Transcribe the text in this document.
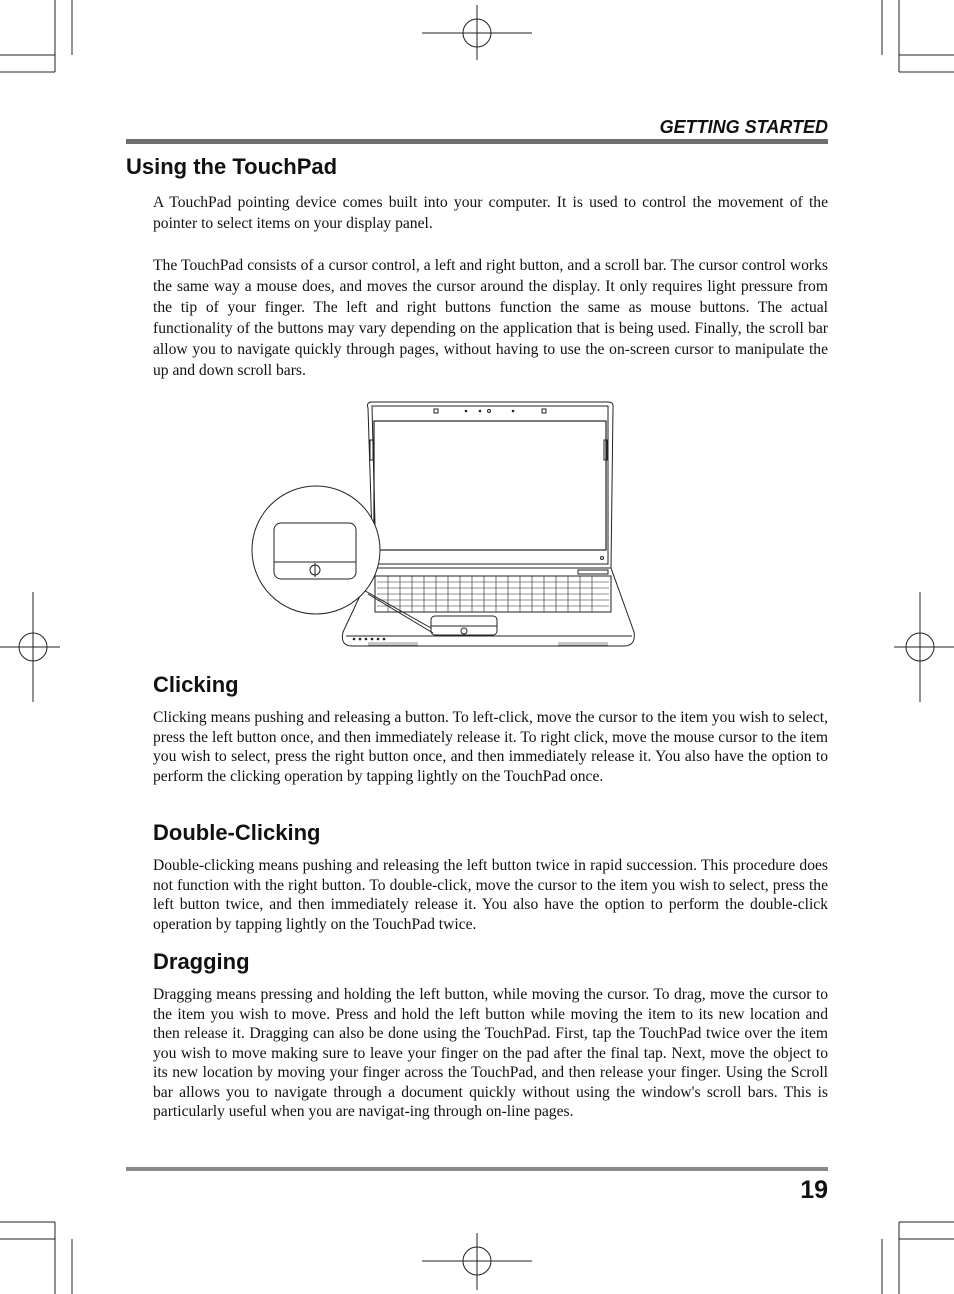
GETTING STARTED
Using the TouchPad

A TouchPad pointing device comes built into your computer. It is used to control the movement of the pointer to select items on your display panel.

The TouchPad consists of a cursor control, a left and right button, and a scroll bar. The cursor control works the same way a mouse does, and moves the cursor around the display. It only requires light pressure from the tip of your finger. The left and right buttons function the same as mouse buttons. The actual functionality of the buttons may vary depending on the application that is being used. Finally, the scroll bar allow you to navigate quickly through pages, without having to use the on-screen cursor to manipulate the up and down scroll bars.

Clicking

Clicking means pushing and releasing a button. To left-click, move the cursor to the item you wish to select, press the left button once, and then immediately release it. To right click, move the mouse cursor to the item you wish to select, press the right button once, and then immediately release it. You also have the option to perform the clicking operation by tapping lightly on the TouchPad once.

Double-Clicking

Double-clicking means pushing and releasing the left button twice in rapid succession. This procedure does not function with the right button. To double-click, move the cursor to the item you wish to select, press the left button twice, and then immediately release it. You also have the option to perform the double-click operation by tapping lightly on the TouchPad twice.

Dragging

Dragging means pressing and holding the left button, while moving the cursor. To drag, move the cursor to the item you wish to move. Press and hold the left button while moving the item to its new location and then release it. Dragging can also be done using the TouchPad. First, tap the TouchPad twice over the item you wish to move making sure to leave your finger on the pad after the final tap. Next, move the object to its new location by moving your finger across the TouchPad, and then release your finger. Using the Scroll bar allows you to navigate through a document quickly without using the window's scroll bars. This is particularly useful when you are navigat-ing through on-line pages.

19
